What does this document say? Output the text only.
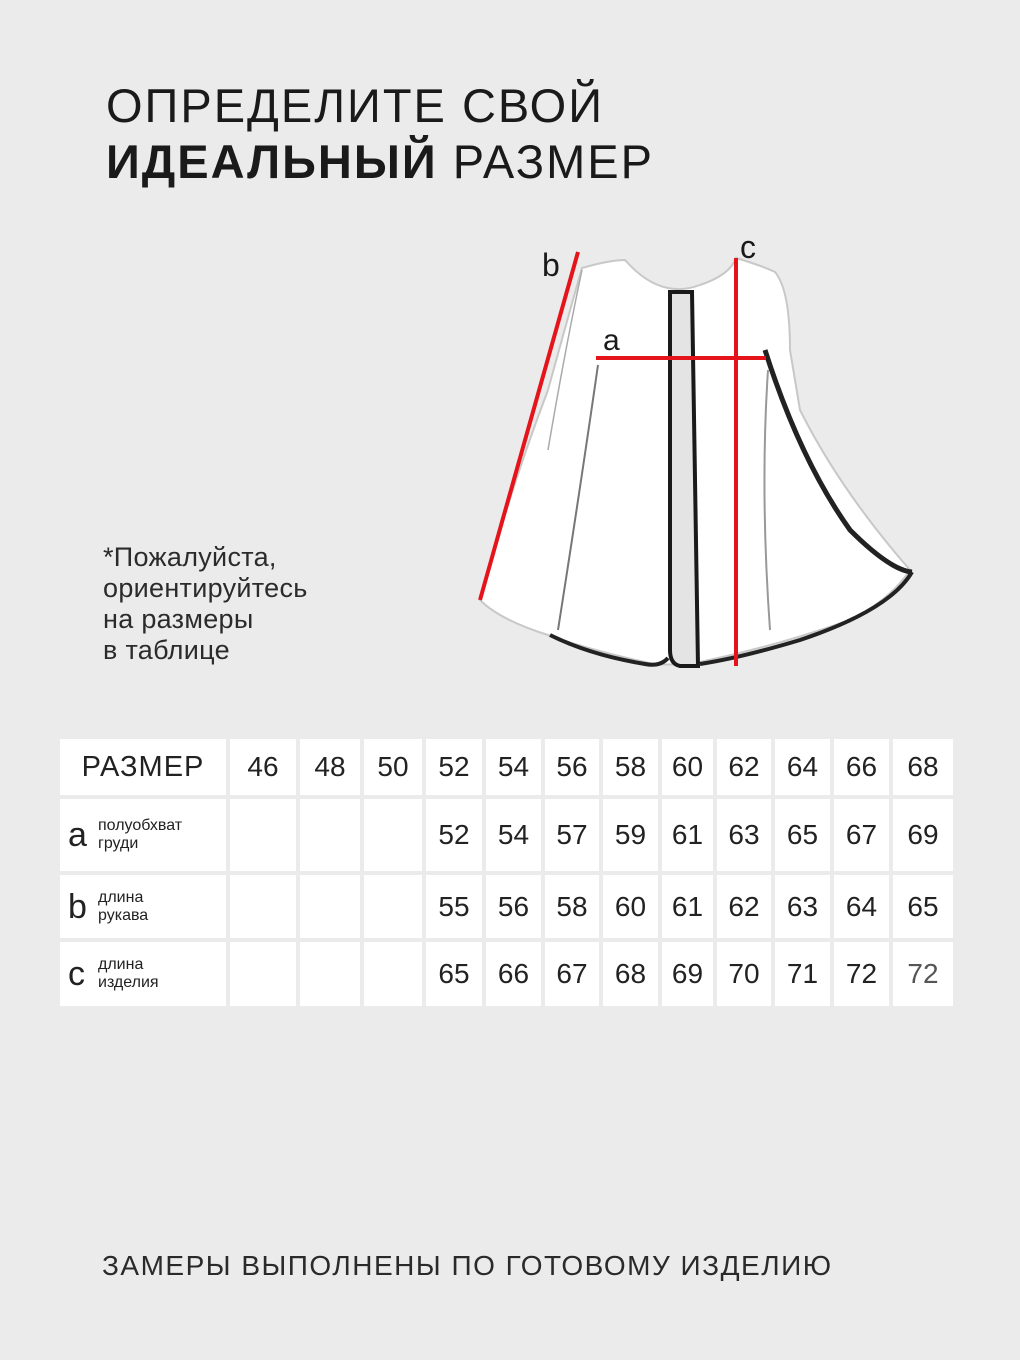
ОПРЕДЕЛИТЕ СВОЙ
ИДЕАЛЬНЫЙ РАЗМЕР
*Пожалуйста,
ориентируйтесь
на размеры
в таблице
a
b	c
РАЗМЕР	46	48	50	52	54	56	58	60	62	64	66	68

a полуобхват
груди				52	54	57	59	61	63	65	67	69

b длина
рукава				55	56	58	60	61	62	63	64	65

c длина
изделия				65	66	67	68	69	70	71	72	72
ЗАМЕРЫ ВЫПОЛНЕНЫ ПО ГОТОВОМУ ИЗДЕЛИЮ
